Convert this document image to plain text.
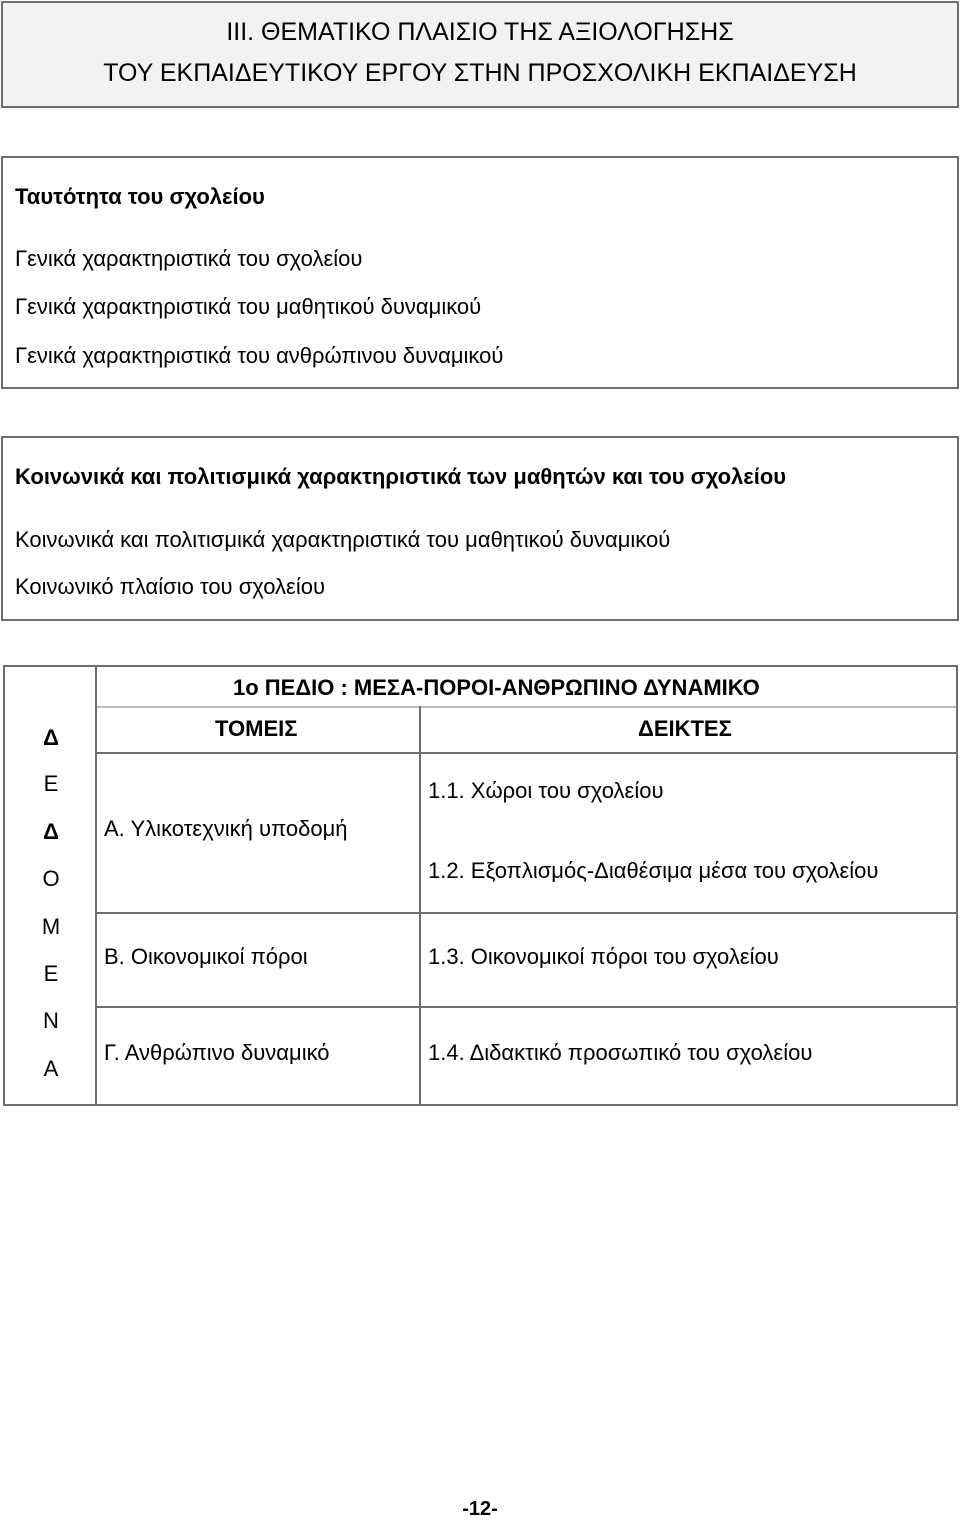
III. ΘΕΜΑΤΙΚΟ ΠΛΑΙΣΙΟ ΤΗΣ ΑΞΙΟΛΟΓΗΣΗΣ
ΤΟΥ ΕΚΠΑΙΔΕΥΤΙΚΟΥ ΕΡΓΟΥ ΣΤΗΝ ΠΡΟΣΧΟΛΙΚΗ ΕΚΠΑΙΔΕΥΣΗ
Ταυτότητα του σχολείου
Γενικά χαρακτηριστικά του σχολείου
Γενικά χαρακτηριστικά του μαθητικού δυναμικού
Γενικά χαρακτηριστικά του ανθρώπινου δυναμικού
Κοινωνικά και πολιτισμικά χαρακτηριστικά των μαθητών και του σχολείου
Κοινωνικά και πολιτισμικά χαρακτηριστικά του μαθητικού δυναμικού
Κοινωνικό πλαίσιο του σχολείου
Δ
Ε
Δ
Ο
Μ
Ε
Ν
Α
1ο ΠΕΔΙΟ : ΜΕΣΑ-ΠΟΡΟΙ-ΑΝΘΡΩΠΙΝΟ ΔΥΝΑΜΙΚΟ
ΤΟΜΕΙΣ	ΔΕΙΚΤΕΣ
Α. Υλικοτεχνική υποδομή
Β. Οικονομικοί πόροι
Γ. Ανθρώπινο δυναμικό
1.1. Χώροι του σχολείου
1.2. Εξοπλισμός-Διαθέσιμα μέσα του σχολείου
1.3. Οικονομικοί πόροι του σχολείου
1.4. Διδακτικό προσωπικό του σχολείου
-12-
